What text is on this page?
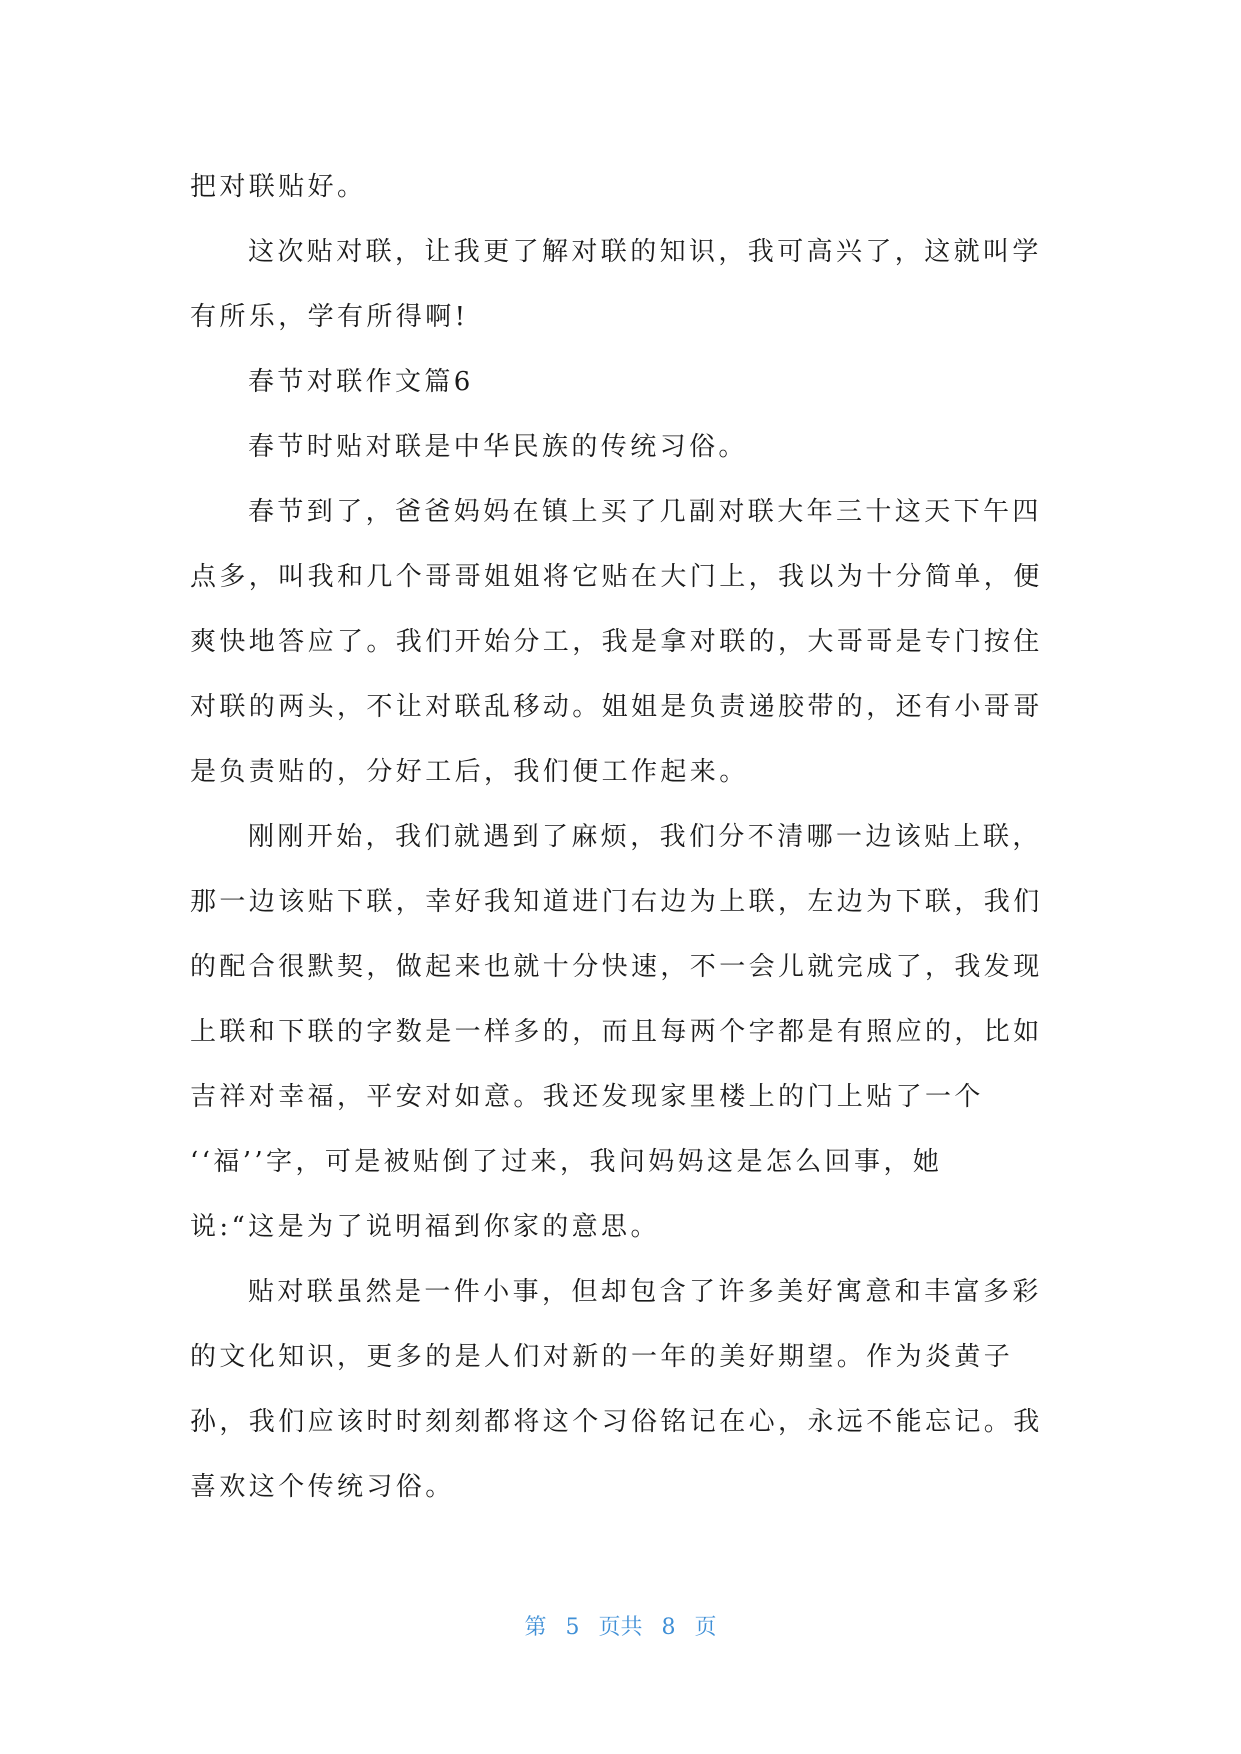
把对联贴好。
这次贴对联，让我更了解对联的知识，我可高兴了，这就叫学
有所乐，学有所得啊!
春节对联作文篇6
春节时贴对联是中华民族的传统习俗。
春节到了，爸爸妈妈在镇上买了几副对联大年三十这天下午四
点多，叫我和几个哥哥姐姐将它贴在大门上，我以为十分简单，便
爽快地答应了。我们开始分工，我是拿对联的，大哥哥是专门按住
对联的两头，不让对联乱移动。姐姐是负责递胶带的，还有小哥哥
是负责贴的，分好工后，我们便工作起来。
刚刚开始，我们就遇到了麻烦，我们分不清哪一边该贴上联，
那一边该贴下联，幸好我知道进门右边为上联，左边为下联，我们
的配合很默契，做起来也就十分快速，不一会儿就完成了，我发现
上联和下联的字数是一样多的，而且每两个字都是有照应的，比如
吉祥对幸福，平安对如意。我还发现家里楼上的门上贴了一个
‘‘福’’字，可是被贴倒了过来，我问妈妈这是怎么回事，她
说:“这是为了说明福到你家的意思。
贴对联虽然是一件小事，但却包含了许多美好寓意和丰富多彩
的文化知识，更多的是人们对新的一年的美好期望。作为炎黄子
孙，我们应该时时刻刻都将这个习俗铭记在心，永远不能忘记。我
喜欢这个传统习俗。
第 5 页共 8 页
